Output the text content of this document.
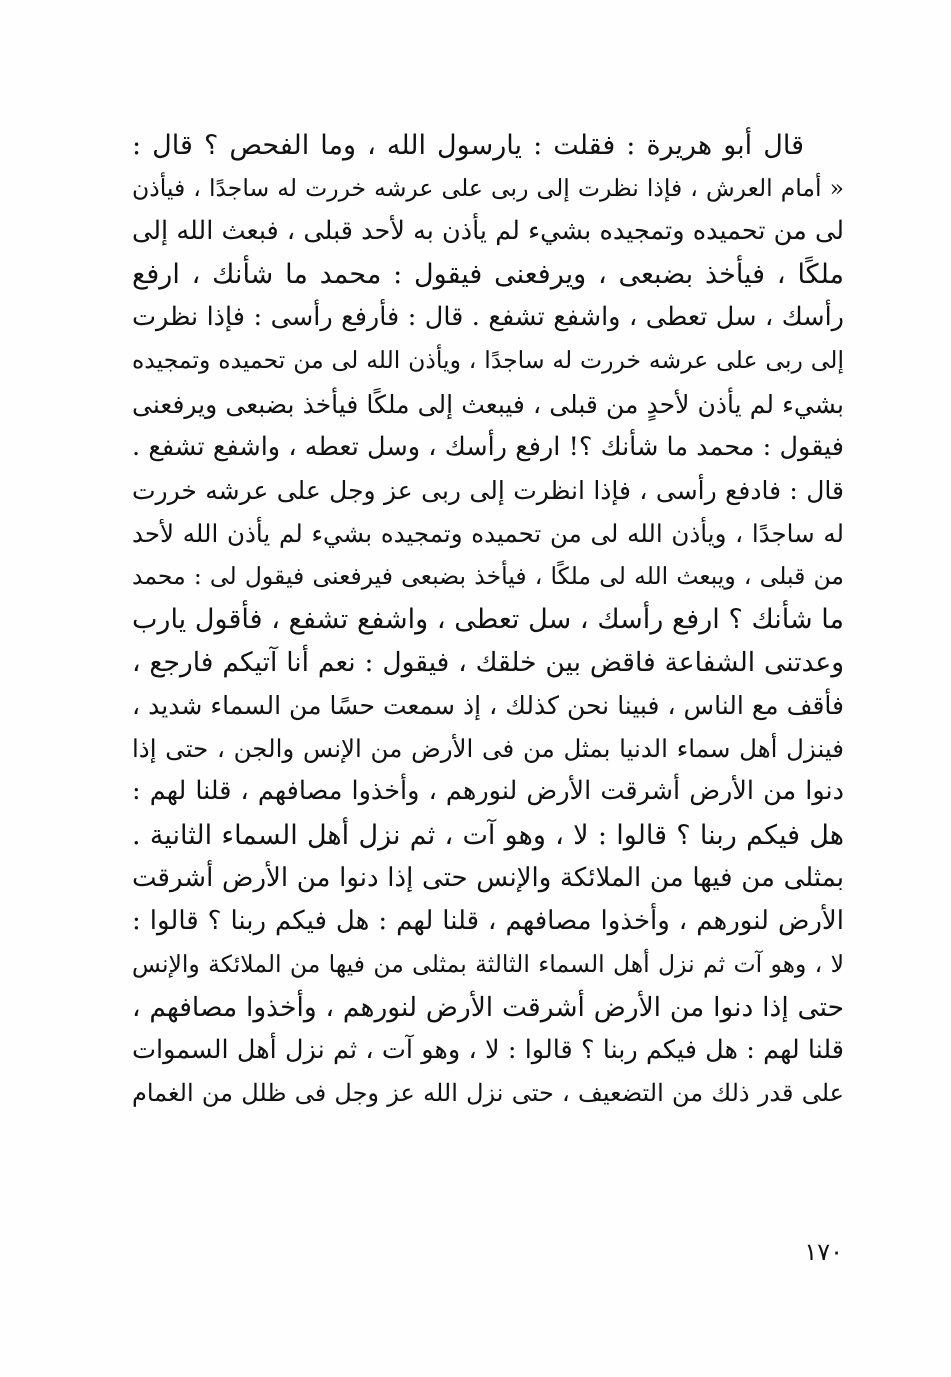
قال أبو هريرة : فقلت : يارسول الله ، وما الفحص ؟ قال :
« أمام العرش ، فإذا نظرت إلى ربى على عرشه خررت له ساجدًا ، فيأذن
لى من تحميده وتمجيده بشيء لم يأذن به لأحد قبلى ، فبعث الله إلى
ملكًا ، فيأخذ بضبعى ، ويرفعنى فيقول : محمد ما شأنك ، ارفع
رأسك ، سل تعطى ، واشفع تشفع . قال : فأرفع رأسى : فإذا نظرت
إلى ربى على عرشه خررت له ساجدًا ، ويأذن الله لى من تحميده وتمجيده
بشيء لم يأذن لأحدٍ من قبلى ، فيبعث إلى ملكًا فيأخذ بضبعى ويرفعنى
فيقول : محمد ما شأنك ؟! ارفع رأسك ، وسل تعطه ، واشفع تشفع .
قال : فادفع رأسى ، فإذا انظرت إلى ربى عز وجل على عرشه خررت
له ساجدًا ، ويأذن الله لى من تحميده وتمجيده بشيء لم يأذن الله لأحد
من قبلى ، ويبعث الله لى ملكًا ، فيأخذ بضبعى فيرفعنى فيقول لى : محمد
ما شأنك ؟ ارفع رأسك ، سل تعطى ، واشفع تشفع ، فأقول يارب
وعدتنى الشفاعة فاقض بين خلقك ، فيقول : نعم أنا آتيكم فارجع ،
فأقف مع الناس ، فبينا نحن كذلك ، إذ سمعت حسًا من السماء شديد ،
فينزل أهل سماء الدنيا بمثل من فى الأرض من الإنس والجن ، حتى إذا
دنوا من الأرض أشرقت الأرض لنورهم ، وأخذوا مصافهم ، قلنا لهم :
هل فيكم ربنا ؟ قالوا : لا ، وهو آت ، ثم نزل أهل السماء الثانية .
بمثلى من فيها من الملائكة والإنس حتى إذا دنوا من الأرض أشرقت
الأرض لنورهم ، وأخذوا مصافهم ، قلنا لهم : هل فيكم ربنا ؟ قالوا :
لا ، وهو آت ثم نزل أهل السماء الثالثة بمثلى من فيها من الملائكة والإنس
حتى إذا دنوا من الأرض أشرقت الأرض لنورهم ، وأخذوا مصافهم ،
قلنا لهم : هل فيكم ربنا ؟ قالوا : لا ، وهو آت ، ثم نزل أهل السموات
على قدر ذلك من التضعيف ، حتى نزل الله عز وجل فى ظلل من الغمام
١٧٠
